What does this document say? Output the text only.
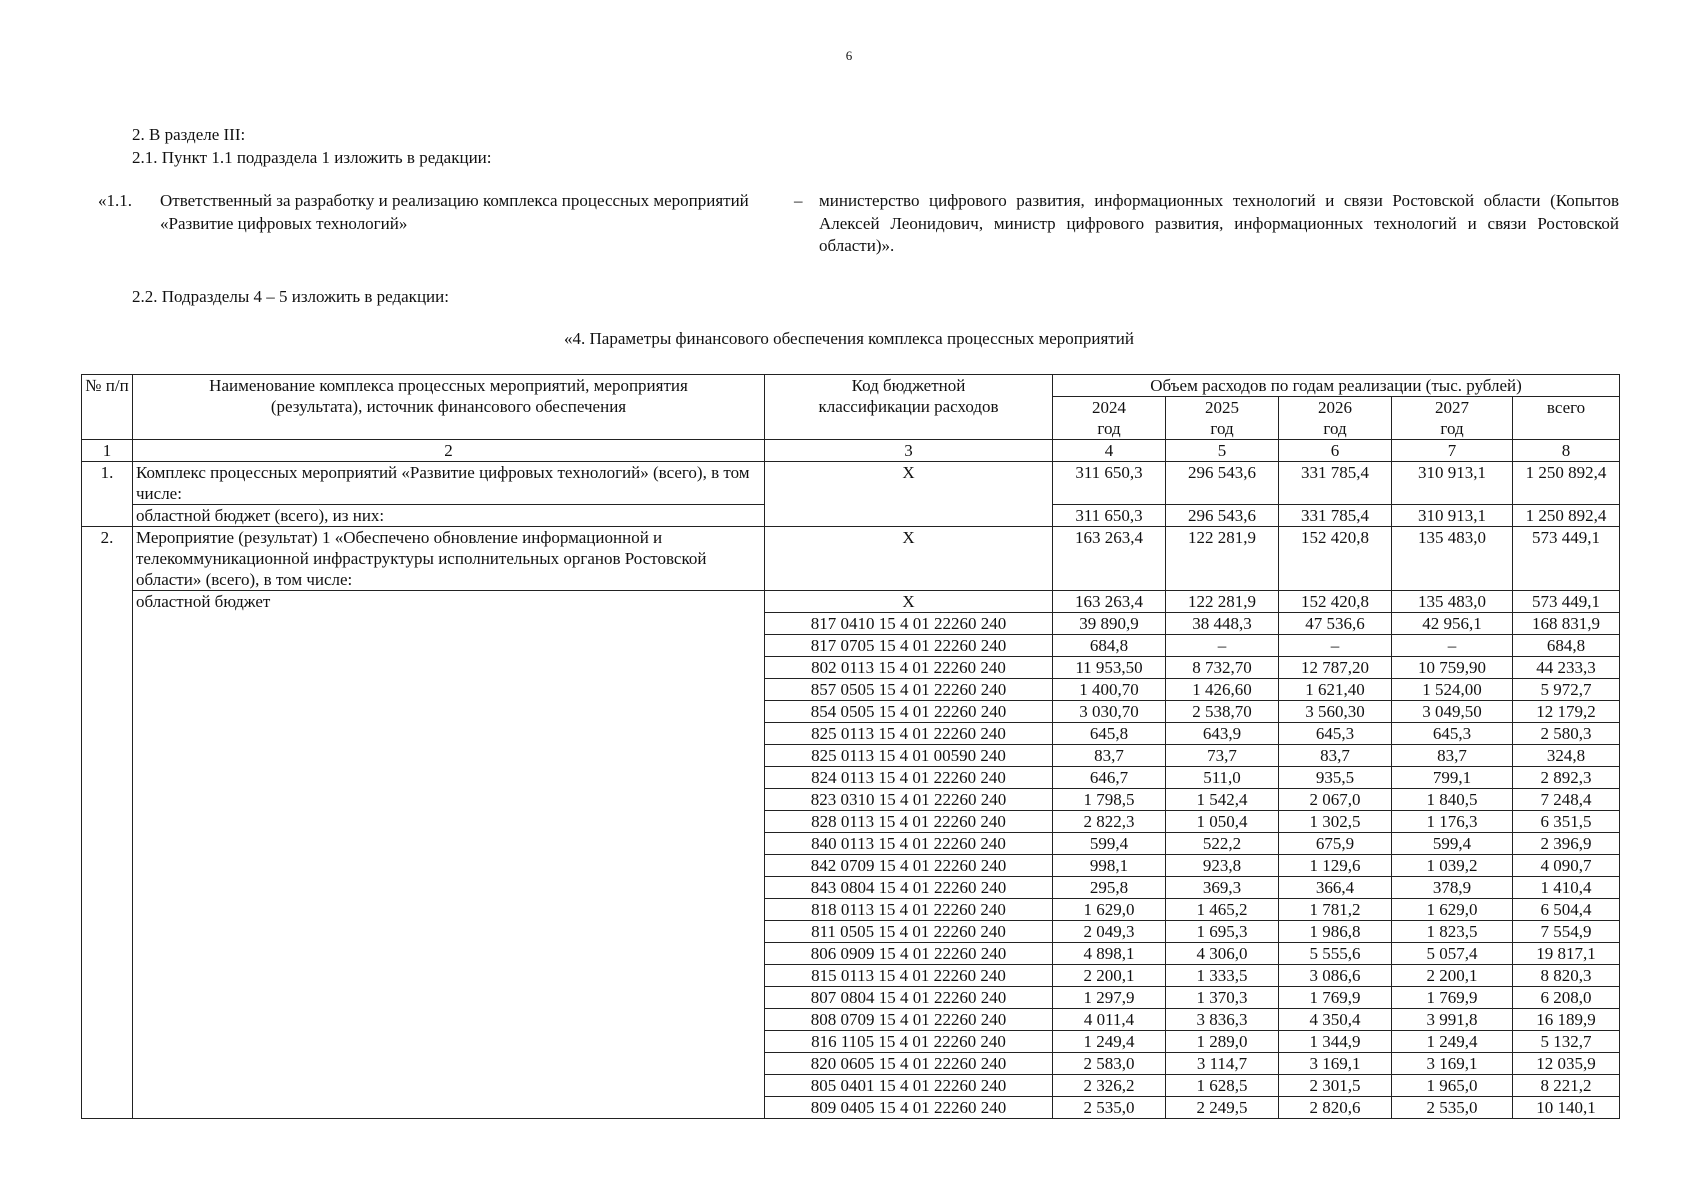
6
2. В разделе III:
2.1. Пункт 1.1 подраздела 1 изложить в редакции:
«1.1. Ответственный за разработку и реализацию комплекса процессных мероприятий «Развитие цифровых технологий»
– министерство цифрового развития, информационных технологий и связи Ростовской области (Копытов Алексей Леонидович, министр цифрового развития, информационных технологий и связи Ростовской области)».
2.2. Подразделы 4 – 5 изложить в редакции:
«4. Параметры финансового обеспечения комплекса процессных мероприятий
№ п/п	Наименование комплекса процессных мероприятий, мероприятия (результата), источник финансового обеспечения	Код бюджетной классификации расходов	Объем расходов по годам реализации (тыс. рублей)				
			2024 год	2025 год	2026 год	2027 год	всего
1	2	3	4	5	6	7	8
1.	Комплекс процессных мероприятий «Развитие цифровых технологий» (всего), в том числе:	Х	311 650,3	296 543,6	331 785,4	310 913,1	1 250 892,4
	областной бюджет (всего), из них:		311 650,3	296 543,6	331 785,4	310 913,1	1 250 892,4
2.	Мероприятие (результат) 1 «Обеспечено обновление информационной и телекоммуникационной инфраструктуры исполнительных органов Ростовской области» (всего), в том числе:	Х	163 263,4	122 281,9	152 420,8	135 483,0	573 449,1
	областной бюджет	Х	163 263,4	122 281,9	152 420,8	135 483,0	573 449,1
		817 0410 15 4 01 22260 240	39 890,9	38 448,3	47 536,6	42 956,1	168 831,9
		817 0705 15 4 01 22260 240	684,8	–	–	–	684,8
		802 0113 15 4 01 22260 240	11 953,50	8 732,70	12 787,20	10 759,90	44 233,3
		857 0505 15 4 01 22260 240	1 400,70	1 426,60	1 621,40	1 524,00	5 972,7
		854 0505 15 4 01 22260 240	3 030,70	2 538,70	3 560,30	3 049,50	12 179,2
		825 0113 15 4 01 22260 240	645,8	643,9	645,3	645,3	2 580,3
		825 0113 15 4 01 00590 240	83,7	73,7	83,7	83,7	324,8
		824 0113 15 4 01 22260 240	646,7	511,0	935,5	799,1	2 892,3
		823 0310 15 4 01 22260 240	1 798,5	1 542,4	2 067,0	1 840,5	7 248,4
		828 0113 15 4 01 22260 240	2 822,3	1 050,4	1 302,5	1 176,3	6 351,5
		840 0113 15 4 01 22260 240	599,4	522,2	675,9	599,4	2 396,9
		842 0709 15 4 01 22260 240	998,1	923,8	1 129,6	1 039,2	4 090,7
		843 0804 15 4 01 22260 240	295,8	369,3	366,4	378,9	1 410,4
		818 0113 15 4 01 22260 240	1 629,0	1 465,2	1 781,2	1 629,0	6 504,4
		811 0505 15 4 01 22260 240	2 049,3	1 695,3	1 986,8	1 823,5	7 554,9
		806 0909 15 4 01 22260 240	4 898,1	4 306,0	5 555,6	5 057,4	19 817,1
		815 0113 15 4 01 22260 240	2 200,1	1 333,5	3 086,6	2 200,1	8 820,3
		807 0804 15 4 01 22260 240	1 297,9	1 370,3	1 769,9	1 769,9	6 208,0
		808 0709 15 4 01 22260 240	4 011,4	3 836,3	4 350,4	3 991,8	16 189,9
		816 1105 15 4 01 22260 240	1 249,4	1 289,0	1 344,9	1 249,4	5 132,7
		820 0605 15 4 01 22260 240	2 583,0	3 114,7	3 169,1	3 169,1	12 035,9
		805 0401 15 4 01 22260 240	2 326,2	1 628,5	2 301,5	1 965,0	8 221,2
		809 0405 15 4 01 22260 240	2 535,0	2 249,5	2 820,6	2 535,0	10 140,1
